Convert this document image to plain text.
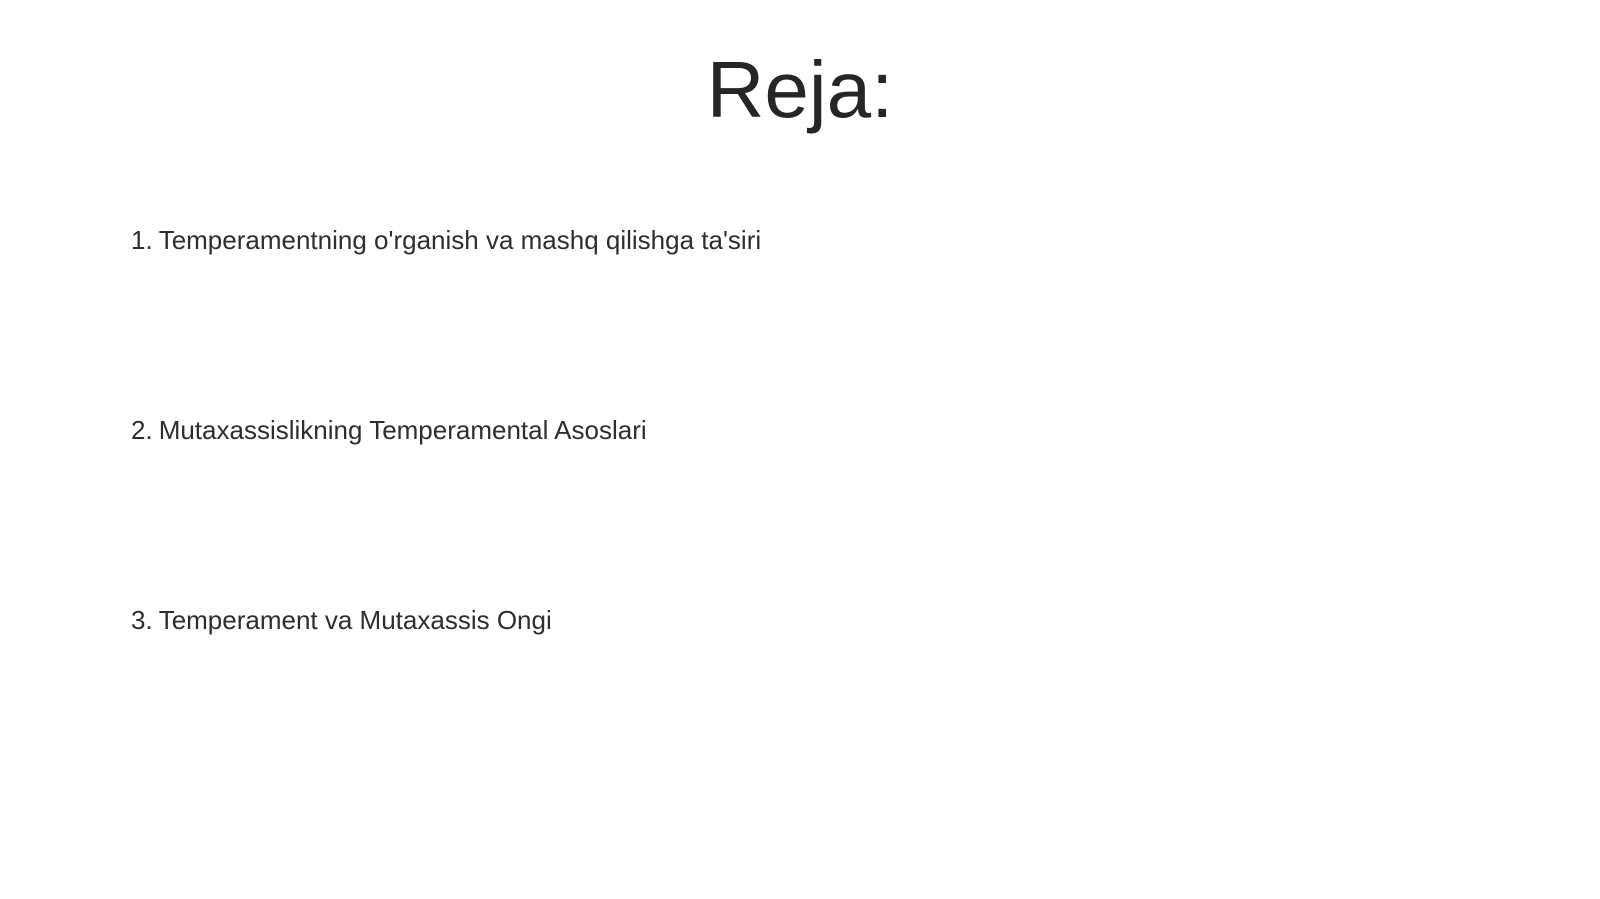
Reja:
1. Temperamentning o'rganish va mashq qilishga ta'siri
2. Mutaxassislikning Temperamental Asoslari
3. Temperament va Mutaxassis Ongi
